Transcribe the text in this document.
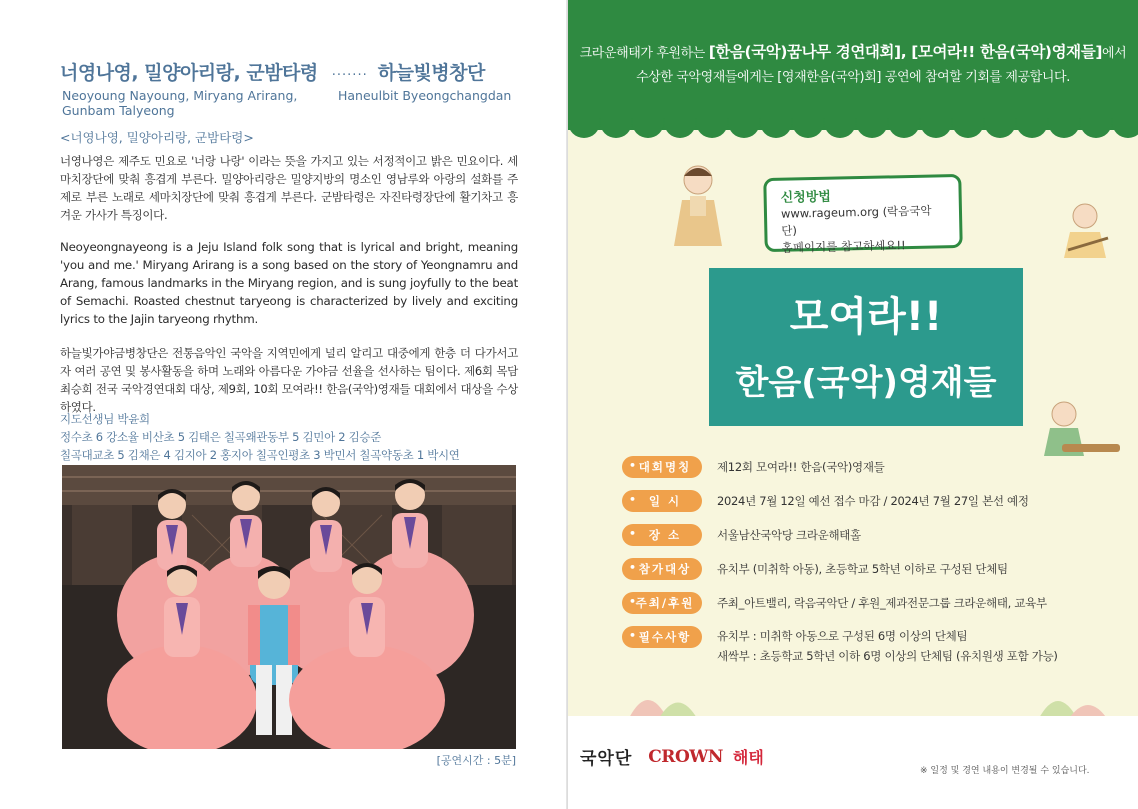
너영나영, 밀양아리랑, 군밤타령 ······· 하늘빛병창단
Neoyoung Nayoung, Miryang Arirang, Gunbam Talyeong
Haneulbit Byeongchangdan
<너영나영, 밀양아리랑, 군밤타령>

너영나영은 제주도 민요로 '너랑 나랑' 이라는 뜻을 가지고 있는 서정적이고 밝은 민요이다. 세마치장단에 맞춰 흥겹게 부른다. 밀양아리랑은 밀양지방의 명소인 영남루와 아랑의 설화를 주제로 부른 노래로 세마치장단에 맞춰 흥겹게 부른다. 군밤타령은 자진타령장단에 활기차고 흥겨운 가사가 특징이다.

Neoyeongnayeong is a Jeju Island folk song that is lyrical and bright, meaning 'you and me.' Miryang Arirang is a song based on the story of Yeongnamru and Arang, famous landmarks in the Miryang region, and is sung joyfully to the beat of Semachi. Roasted chestnut taryeong is characterized by lively and exciting lyrics to the Jajin taryeong rhythm.

하늘빛가야금병창단은 전통음악인 국악을 지역민에게 널리 알리고 대중에게 한층 더 다가서고자 여러 공연 및 봉사활동을 하며 노래와 아름다운 가야금 선율을 선사하는 팀이다. 제6회 목담 최승희 전국 국악경연대회 대상, 제9회, 10회 모여라!! 한음(국악)영재들 대회에서 대상을 수상하였다.

지도선생님 박윤희
정수초 6 강소율 비산초 5 김태은 칠곡왜관동부 5 김민아 2 김승준
칠곡대교초 5 김채은 4 김지아 2 홍지아 칠곡인평초 3 박민서 칠곡약동초 1 박시연
[공연시간 : 5분]
크라운해태가 후원하는 [한음(국악)꿈나무 경연대회], [모여라!! 한음(국악)영재들]에서
수상한 국악영재들에게는 [영재한음(국악)회] 공연에 참여할 기회를 제공합니다.
신청방법
www.rageum.org (락음국악단)
홈페이지를 참고하세요!!
모여라!!
한음(국악)영재들
• 대회명칭 제12회 모여라!! 한음(국악)영재들
• 일 시	2024년 7월 12일 예선 접수 마감 / 2024년 7월 27일 본선 예정
• 장 소	서울남산국악당 크라운해태홀
• 참가대상 유치부 (미취학 아동), 초등학교 5학년 이하로 구성된 단체팀
• 주최/후원 주최_아트밸리, 락음국악단 / 후원_제과전문그룹 크라운해태, 교육부
• 필수사항 유치부 : 미취학 아동으로 구성된 6명 이상의 단체팀
새싹부 : 초등학교 5학년 이하 6명 이상의 단체팀 (유치원생 포함 가능)
국악단 CROWN 해태
※ 일정 및 경연 내용이 변경될 수 있습니다.
